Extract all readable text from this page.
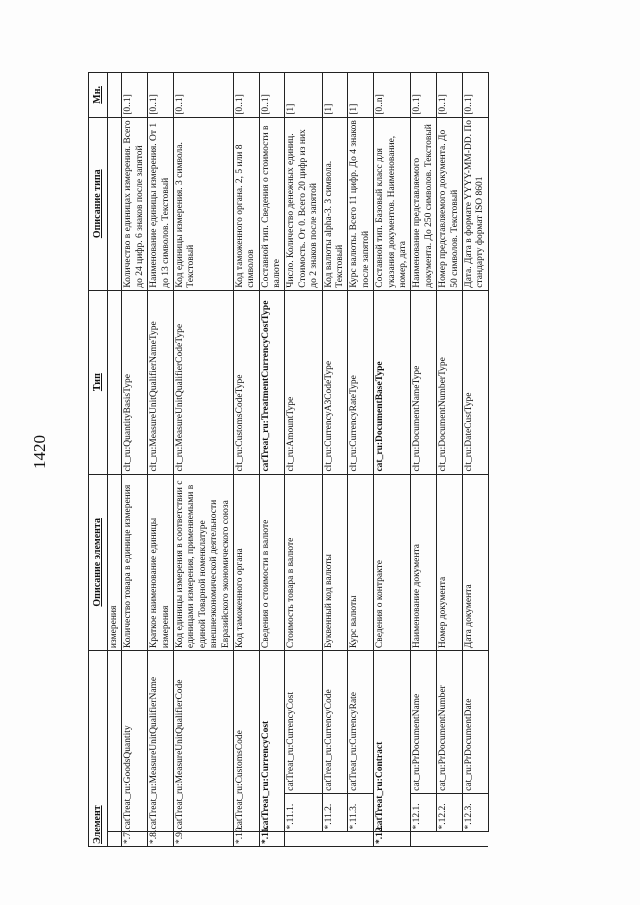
1420
Элемент			Описание элемента	Тип	Описание типа	Мн.
			измерения			
*.7.	catTreat_ru:GoodsQuantity		Количество товара в единице измерения	clt_ru:QuantityBasisType	Количество в единицах измерения. Всего до 24 цифр. 6 знаков после запятой	[0..1]
*.8.	catTreat_ru:MeasureUnitQualifierName		Краткое наименование единицы измерения	clt_ru:MeasureUnitQualifierNameType	Наименование единицы измерения. От 1 до 13 символов. Текстовый	[0..1]
*.9.	catTreat_ru:MeasureUnitQualifierCode		Код единицы измерения в соответствии с единицами измерения, применяемыми в единой Товарной номенклатуре внешнеэкономической деятельности Евразийского экономического союза	clt_ru:MeasureUnitQualifierCodeType	Код единицы измерения. 3 символа. Текстовый	[0..1]
*.10.	catTreat_ru:CustomsCode		Код таможенного органа	clt_ru:CustomsCodeType	Код таможенного органа. 2, 5 или 8 символов	[0..1]
*.11.	catTreat_ru:CurrencyCost		Сведения о стоимости в валюте	catTreat_ru:TreatmentCurrencyCostType	Составной тип. Сведения о стоимости в валюте	[0..1]
	*.11.1.	catTreat_ru:CurrencyCost	Стоимость товара в валюте	clt_ru:AmountType	Число. Количество денежных единиц. Стоимость. От 0. Всего 20 цифр из них до 2 знаков после запятой	[1]
	*.11.2.	catTreat_ru:CurrencyCode	Буквенный код валюты	clt_ru:CurrencyA3CodeType	Код валюты alpha-3. 3 символа. Текстовый	[1]
	*.11.3.	catTreat_ru:CurrencyRate	Курс валюты	clt_ru:CurrencyRateType	Курс валюты. Всего 11 цифр. До 4 знаков после запятой	[1]
*.12.	catTreat_ru:Contract		Сведения о контракте	cat_ru:DocumentBaseType	Составной тип. Базовый класс для указания документов. Наименование, номер, дата	[0..n]
	*.12.1.	cat_ru:PrDocumentName	Наименование документа	clt_ru:DocumentNameType	Наименование представляемого документа. До 250 символов. Текстовый	[0..1]
	*.12.2.	cat_ru:PrDocumentNumber	Номер документа	clt_ru:DocumentNumberType	Номер представляемого документа. До 50 символов. Текстовый	[0..1]
	*.12.3.	cat_ru:PrDocumentDate	Дата документа	clt_ru:DateCustType	Дата. Дата в формате YYYY-MM-DD. По стандарту формат ISO 8601	[0..1]
